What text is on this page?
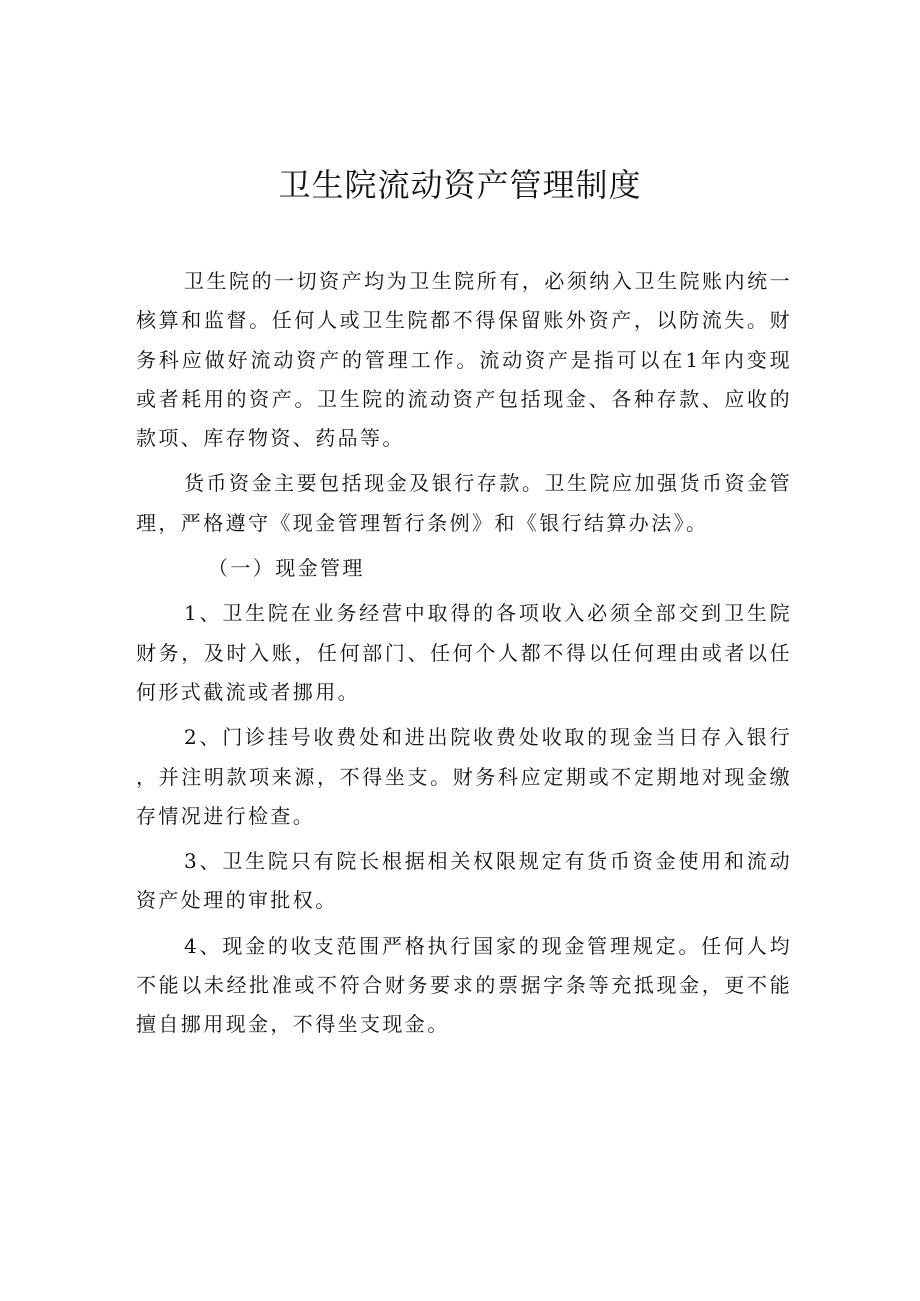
卫生院流动资产管理制度

卫生院的一切资产均为卫生院所有，必须纳入卫生院账内统一核算和监督。任何人或卫生院都不得保留账外资产，以防流失。财务科应做好流动资产的管理工作。流动资产是指可以在1年内变现或者耗用的资产。卫生院的流动资产包括现金、各种存款、应收的款项、库存物资、药品等。

货币资金主要包括现金及银行存款。卫生院应加强货币资金管理，严格遵守《现金管理暂行条例》和《银行结算办法》。

（一）现金管理

1、卫生院在业务经营中取得的各项收入必须全部交到卫生院财务，及时入账，任何部门、任何个人都不得以任何理由或者以任何形式截流或者挪用。

2、门诊挂号收费处和进出院收费处收取的现金当日存入银行，并注明款项来源，不得坐支。财务科应定期或不定期地对现金缴存情况进行检查。

3、卫生院只有院长根据相关权限规定有货币资金使用和流动资产处理的审批权。

4、现金的收支范围严格执行国家的现金管理规定。任何人均不能以未经批准或不符合财务要求的票据字条等充抵现金，更不能擅自挪用现金，不得坐支现金。
